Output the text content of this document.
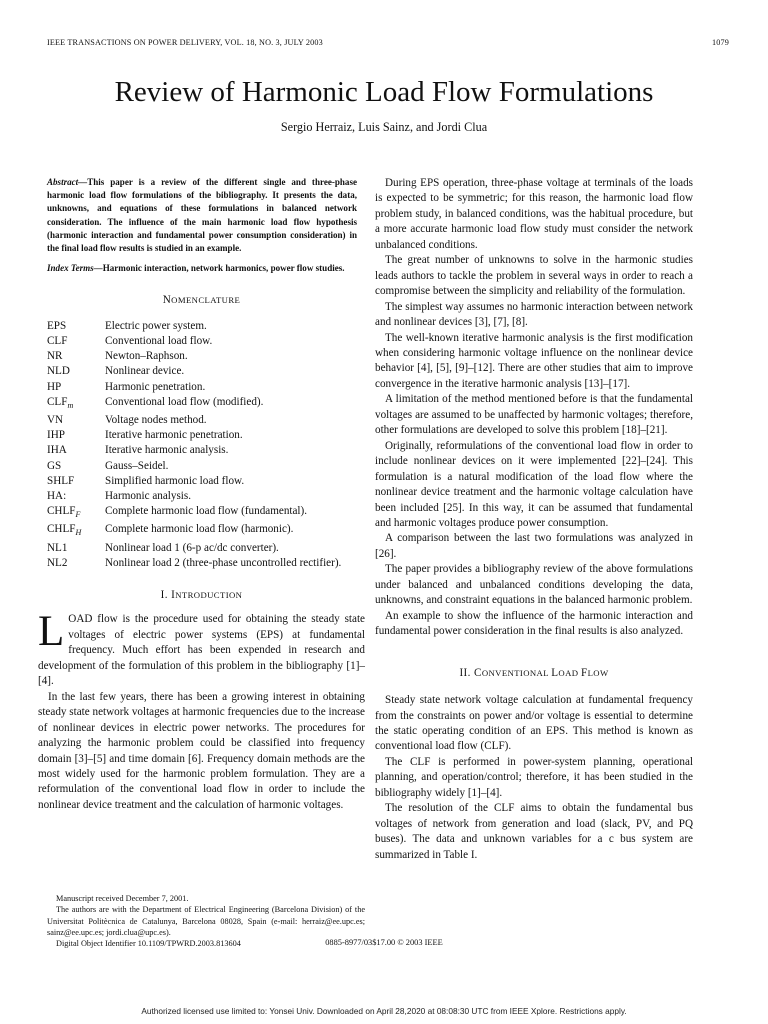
IEEE TRANSACTIONS ON POWER DELIVERY, VOL. 18, NO. 3, JULY 2003	1079
Review of Harmonic Load Flow Formulations
Sergio Herraiz, Luis Sainz, and Jordi Clua
Abstract—This paper is a review of the different single and three-phase harmonic load flow formulations of the bibliography. It presents the data, unknowns, and equations of these formulations in balanced network consideration. The influence of the main harmonic load flow hypothesis (harmonic interaction and fundamental power consumption consideration) in the final load flow results is studied in an example.
Index Terms—Harmonic interaction, network harmonics, power flow studies.
NOMENCLATURE
EPS	Electric power system.
CLF	Conventional load flow.
NR	Newton–Raphson.
NLD	Nonlinear device.
HP	Harmonic penetration.
$CLF_m$	Conventional load flow (modified).
VN	Voltage nodes method.
IHP	Iterative harmonic penetration.
IHA	Iterative harmonic analysis.
GS	Gauss–Seidel.
SHLF	Simplified harmonic load flow.
HA:	Harmonic analysis.
$CHLF_F$	Complete harmonic load flow (fundamental).
$CHLF_H$	Complete harmonic load flow (harmonic).
NL1	Nonlinear load 1 (6-p ac/dc converter).
NL2	Nonlinear load 2 (three-phase uncontrolled rectifier).
I. INTRODUCTION

LOAD flow is the procedure used for obtaining the steady state voltages of electric power systems (EPS) at fundamental frequency. Much effort has been expended in research and development of the formulation of this problem in the bibliography [1]–[4].

In the last few years, there has been a growing interest in obtaining steady state network voltages at harmonic frequencies due to the increase of nonlinear devices in electric power networks. The procedures for analyzing the harmonic problem could be classified into frequency domain [3]–[5] and time domain [6]. Frequency domain methods are the most widely used for the harmonic problem formulation. They are a reformulation of the conventional load flow in order to include the nonlinear device treatment and the calculation of harmonic voltages.

Manuscript received December 7, 2001.

The authors are with the Department of Electrical Engineering (Barcelona Division) of the Universitat Politècnica de Catalunya, Barcelona 08028, Spain (e-mail: herraiz@ee.upc.es; sainz@ee.upc.es; jordi.clua@upc.es).

Digital Object Identifier 10.1109/TPWRD.2003.813604

During EPS operation, three-phase voltage at terminals of the loads is expected to be symmetric; for this reason, the harmonic load flow problem study, in balanced conditions, was the habitual procedure, but a more accurate harmonic load flow study must consider the network unbalanced conditions.

The great number of unknowns to solve in the harmonic studies leads authors to tackle the problem in several ways in order to reach a compromise between the simplicity and reliability of the formulation.

The simplest way assumes no harmonic interaction between network and nonlinear devices [3], [7], [8].

The well-known iterative harmonic analysis is the first modification when considering harmonic voltage influence on the nonlinear device behavior [4], [5], [9]–[12]. There are other studies that aim to improve convergence in the iterative harmonic analysis [13]–[17].

A limitation of the method mentioned before is that the fundamental voltages are assumed to be unaffected by harmonic voltages; therefore, other formulations are developed to solve this problem [18]–[21].

Originally, reformulations of the conventional load flow in order to include nonlinear devices on it were implemented [22]–[24]. This formulation is a natural modification of the load flow where the nonlinear device treatment and the harmonic voltage calculation have been included [25]. In this way, it can be assumed that fundamental and harmonic voltages produce power consumption.

A comparison between the last two formulations was analyzed in [26].

The paper provides a bibliography review of the above formulations under balanced and unbalanced conditions developing the data, unknowns, and constraint equations in the balanced harmonic problem.

An example to show the influence of the harmonic interaction and fundamental power consideration in the final results is also analyzed.

II. CONVENTIONAL LOAD FLOW

Steady state network voltage calculation at fundamental frequency from the constraints on power and/or voltage is essential to determine the static operating condition of an EPS. This method is known as conventional load flow (CLF).

The CLF is performed in power-system planning, operational planning, and operation/control; therefore, it has been studied in the bibliography widely [1]–[4].

The resolution of the CLF aims to obtain the fundamental bus voltages of network from generation and load (slack, PV, and PQ buses). The data and unknown variables for a c bus system are summarized in Table I.

0885-8977/03$17.00 © 2003 IEEE
Authorized licensed use limited to: Yonsei Univ. Downloaded on April 28,2020 at 08:08:30 UTC from IEEE Xplore. Restrictions apply.
